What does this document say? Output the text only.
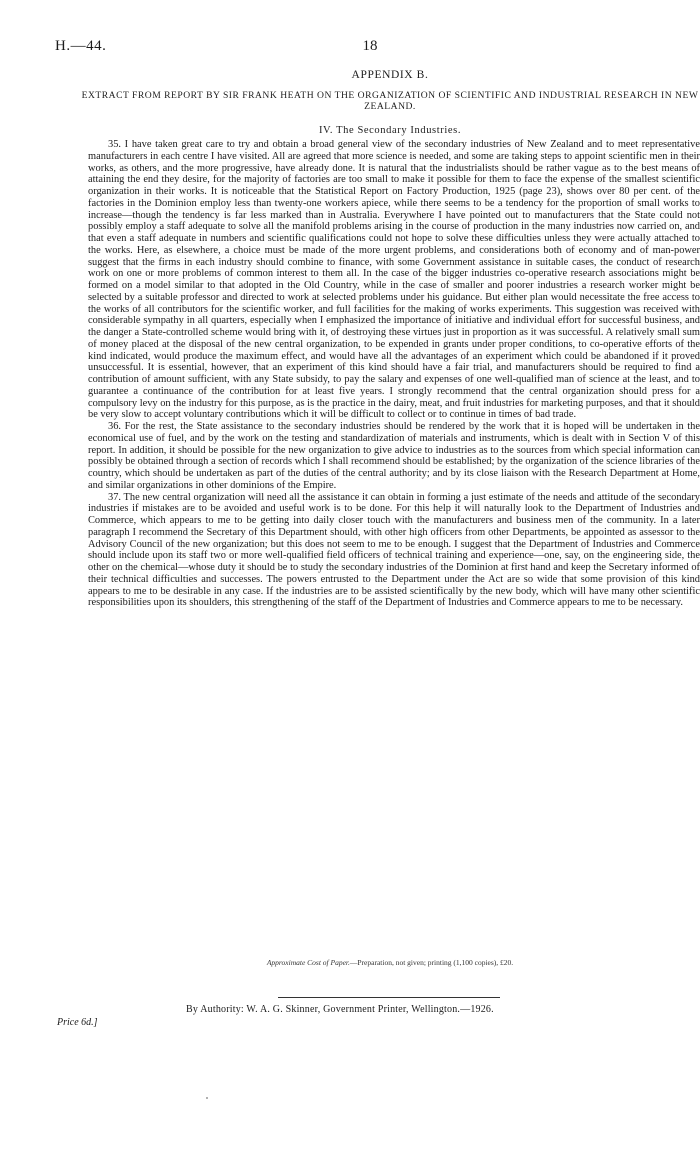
H.—44.	18
APPENDIX B.
EXTRACT FROM REPORT BY SIR FRANK HEATH ON THE ORGANIZATION OF SCIENTIFIC AND INDUSTRIAL RESEARCH IN NEW ZEALAND.
IV. The Secondary Industries.

35. I have taken great care to try and obtain a broad general view of the secondary industries of New Zealand and to meet representative manufacturers in each centre I have visited. All are agreed that more science is needed, and some are taking steps to appoint scientific men in their works, as others, and the more progressive, have already done. It is natural that the industrialists should be rather vague as to the best means of attaining the end they desire, for the majority of factories are too small to make it possible for them to face the expense of the smallest scientific organization in their works. It is noticeable that the Statistical Report on Factory Production, 1925 (page 23), shows over 80 per cent. of the factories in the Dominion employ less than twenty-one workers apiece, while there seems to be a tendency for the proportion of small works to increase—though the tendency is far less marked than in Australia. Everywhere I have pointed out to manufacturers that the State could not possibly employ a staff adequate to solve all the manifold problems arising in the course of production in the many industries now carried on, and that even a staff adequate in numbers and scientific qualifications could not hope to solve these difficulties unless they were actually attached to the works. Here, as elsewhere, a choice must be made of the more urgent problems, and considerations both of economy and of man-power suggest that the firms in each industry should combine to finance, with some Government assistance in suitable cases, the conduct of research work on one or more problems of common interest to them all. In the case of the bigger industries co-operative research associations might be formed on a model similar to that adopted in the Old Country, while in the case of smaller and poorer industries a research worker might be selected by a suitable professor and directed to work at selected problems under his guidance. But either plan would necessitate the free access to the works of all contributors for the scientific worker, and full facilities for the making of works experiments. This suggestion was received with considerable sympathy in all quarters, especially when I emphasized the importance of initiative and individual effort for successful business, and the danger a State-controlled scheme would bring with it, of destroying these virtues just in proportion as it was successful. A relatively small sum of money placed at the disposal of the new central organization, to be expended in grants under proper conditions, to co-operative efforts of the kind indicated, would produce the maximum effect, and would have all the advantages of an experiment which could be abandoned if it proved unsuccessful. It is essential, however, that an experiment of this kind should have a fair trial, and manufacturers should be required to find a contribution of amount sufficient, with any State subsidy, to pay the salary and expenses of one well-qualified man of science at the least, and to guarantee a continuance of the contribution for at least five years. I strongly recommend that the central organization should press for a compulsory levy on the industry for this purpose, as is the practice in the dairy, meat, and fruit industries for marketing purposes, and that it should be very slow to accept voluntary contributions which it will be difficult to collect or to continue in times of bad trade.

36. For the rest, the State assistance to the secondary industries should be rendered by the work that it is hoped will be undertaken in the economical use of fuel, and by the work on the testing and standardization of materials and instruments, which is dealt with in Section V of this report. In addition, it should be possible for the new organization to give advice to industries as to the sources from which special information can possibly be obtained through a section of records which I shall recommend should be established; by the organization of the science libraries of the country, which should be undertaken as part of the duties of the central authority; and by its close liaison with the Research Department at Home, and similar organizations in other dominions of the Empire.

37. The new central organization will need all the assistance it can obtain in forming a just estimate of the needs and attitude of the secondary industries if mistakes are to be avoided and useful work is to be done. For this help it will naturally look to the Department of Industries and Commerce, which appears to me to be getting into daily closer touch with the manufacturers and business men of the community. In a later paragraph I recommend the Secretary of this Department should, with other high officers from other Departments, be appointed as assessor to the Advisory Council of the new organization; but this does not seem to me to be enough. I suggest that the Department of Industries and Commerce should include upon its staff two or more well-qualified field officers of technical training and experience—one, say, on the engineering side, the other on the chemical—whose duty it should be to study the secondary industries of the Dominion at first hand and keep the Secretary informed of their technical difficulties and successes. The powers entrusted to the Department under the Act are so wide that some provision of this kind appears to me to be desirable in any case. If the industries are to be assisted scientifically by the new body, which will have many other scientific responsibilities upon its shoulders, this strengthening of the staff of the Department of Industries and Commerce appears to me to be necessary.

Approximate Cost of Paper.—Preparation, not given; printing (1,100 copies), £20.
By Authority: W. A. G. Skinner, Government Printer, Wellington.—1926.
Price 6d.]
